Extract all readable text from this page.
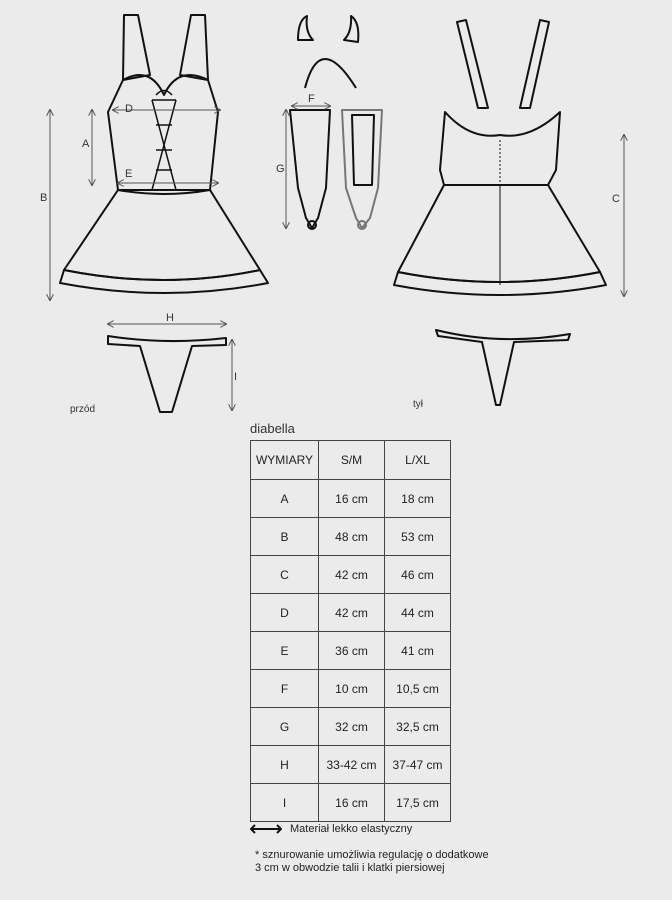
D
E
A
B	C
F
G
H
I
przód	tył
diabella
WYMIARY	S/M	L/XL
A	16 cm	18 cm
B	48 cm	53 cm
C	42 cm	46 cm
D	42 cm	44 cm
E	36 cm	41 cm
F	10 cm	10,5 cm
G	32 cm	32,5 cm
H	33-42 cm	37-47 cm
I	16 cm	17,5 cm
Materiał lekko elastyczny
* sznurowanie umożliwia regulację o dodatkowe
3 cm w obwodzie talii i klatki piersiowej
